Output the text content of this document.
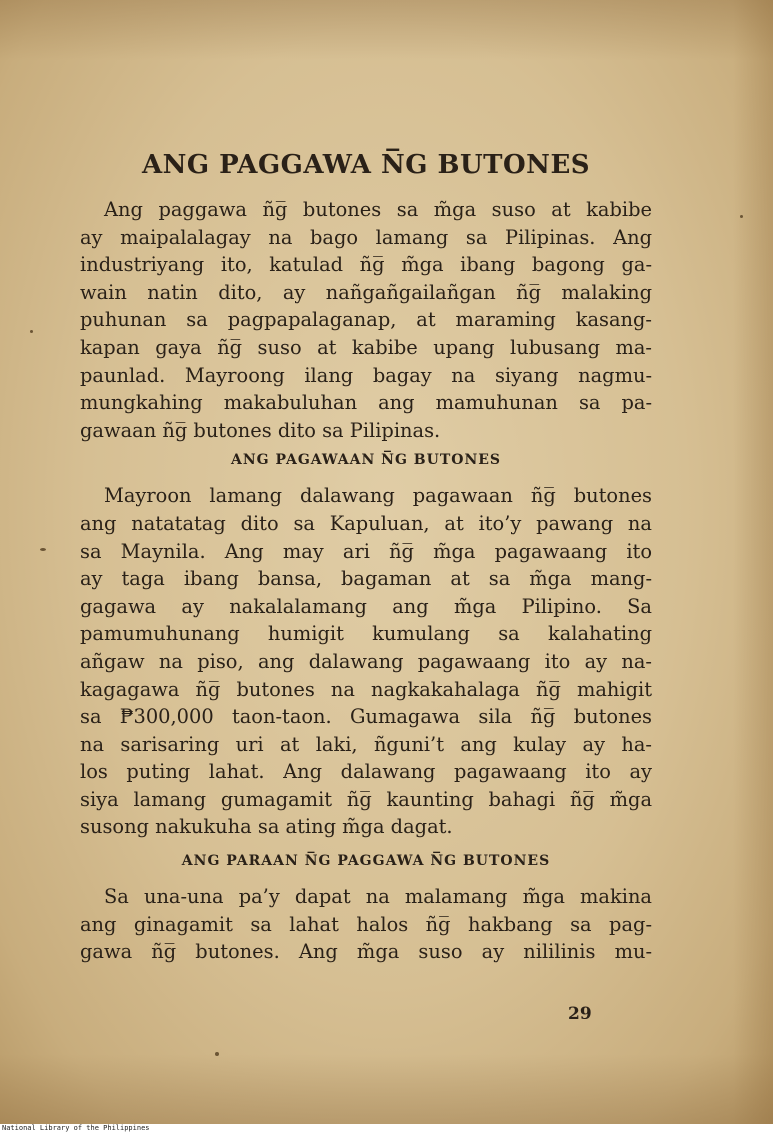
ANG PAGGAWA N̅G BUTONES

Ang paggawa ñg̅ butones sa m̃ga suso at kabibe
ay maipalalagay na bago lamang sa Pilipinas. Ang
industriyang ito, katulad ñg̅ m̃ga ibang bagong ga-
wain natin dito, ay nañgañgailañgan ñg̅ malaking
puhunan sa pagpapalaganap, at maraming kasang-
kapan gaya ñg̅ suso at kabibe upang lubusang ma-
paunlad. Mayroong ilang bagay na siyang nagmu-
mungkahing makabuluhan ang mamuhunan sa pa-
gawaan ñg̅ butones dito sa Pilipinas.

ANG PAGAWAAN N̅G BUTONES

Mayroon lamang dalawang pagawaan ñg̅ butones
ang natatatag dito sa Kapuluan, at ito’y pawang na
sa Maynila. Ang may ari ñg̅ m̃ga pagawaang ito
ay taga ibang bansa, bagaman at sa m̃ga mang-
gagawa ay nakalalamang ang m̃ga Pilipino. Sa
pamumuhunang humigit kumulang sa kalahating
añgaw na piso, ang dalawang pagawaang ito ay na-
kagagawa ñg̅ butones na nagkakahalaga ñg̅ mahigit
sa ₱300,000 taon-taon. Gumagawa sila ñg̅ butones
na sarisaring uri at laki, ñguni’t ang kulay ay ha-
los puting lahat. Ang dalawang pagawaang ito ay
siya lamang gumagamit ñg̅ kaunting bahagi ñg̅ m̃ga
susong nakukuha sa ating m̃ga dagat.

ANG PARAAN N̅G PAGGAWA N̅G BUTONES

Sa una-una pa’y dapat na malamang m̃ga makina
ang ginagamit sa lahat halos ñg̅ hakbang sa pag-
gawa ñg̅ butones. Ang m̃ga suso ay nililinis mu-

29
National Library of the Philippines
